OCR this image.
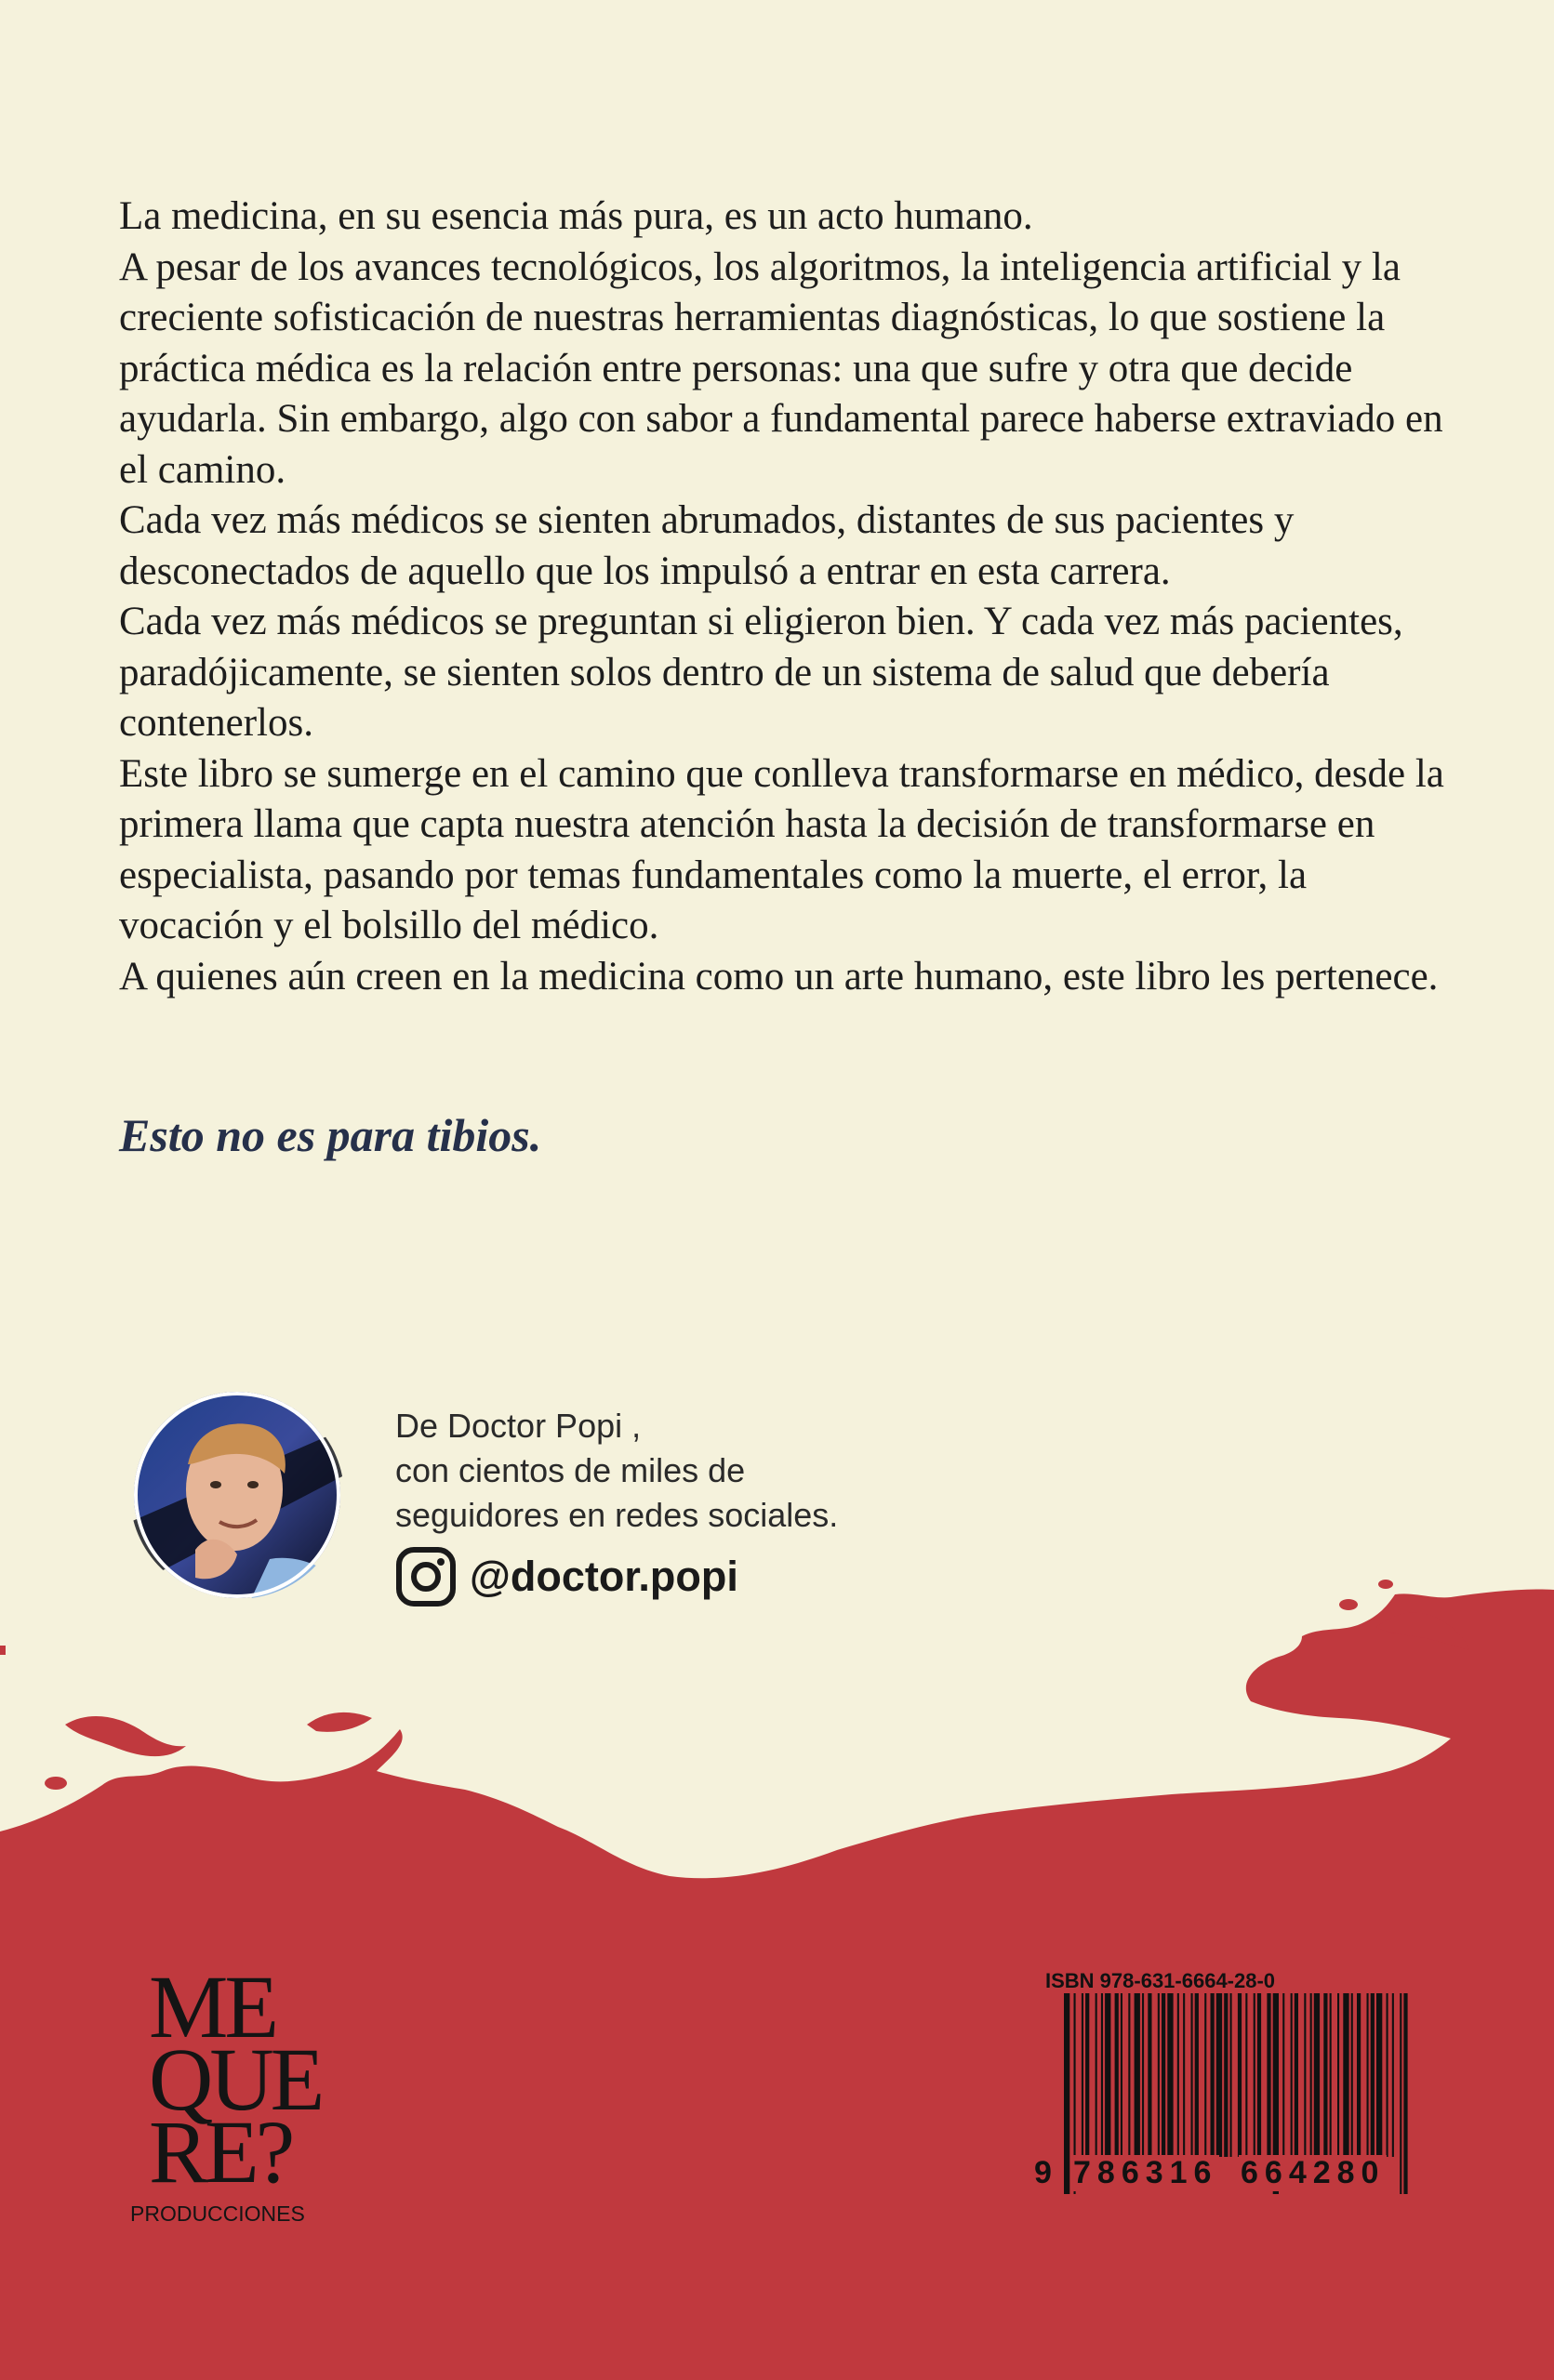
La medicina, en su esencia más pura, es un acto humano.

A pesar de los avances tecnológicos, los algoritmos, la inteligencia artificial y la creciente sofisticación de nuestras herramientas diagnósticas, lo que sostiene la práctica médica es la relación entre personas: una que sufre y otra que decide ayudarla. Sin embargo, algo con sabor a fundamental parece haberse extraviado en el camino.

Cada vez más médicos se sienten abrumados, distantes de sus pacientes y desconectados de aquello que los impulsó a entrar en esta carrera.

Cada vez más médicos se preguntan si eligieron bien. Y cada vez más pacientes, paradójicamente, se sienten solos dentro de un sistema de salud que debería contenerlos.

Este libro se sumerge en el camino que conlleva transformarse en médico, desde la primera llama que capta nuestra atención hasta la decisión de transformarse en especialista, pasando por temas fundamentales como la muerte, el error, la vocación y el bolsillo del médico.

A quienes aún creen en la medicina como un arte humano, este libro les pertenece.

Esto no es para tibios.

De Doctor Popi ,

con cientos de miles de

seguidores en redes sociales.

@doctor.popi

ME

QUE

RE?

PRODUCCIONES
ISBN 978-631-6664-28-0
9 786316 664280
